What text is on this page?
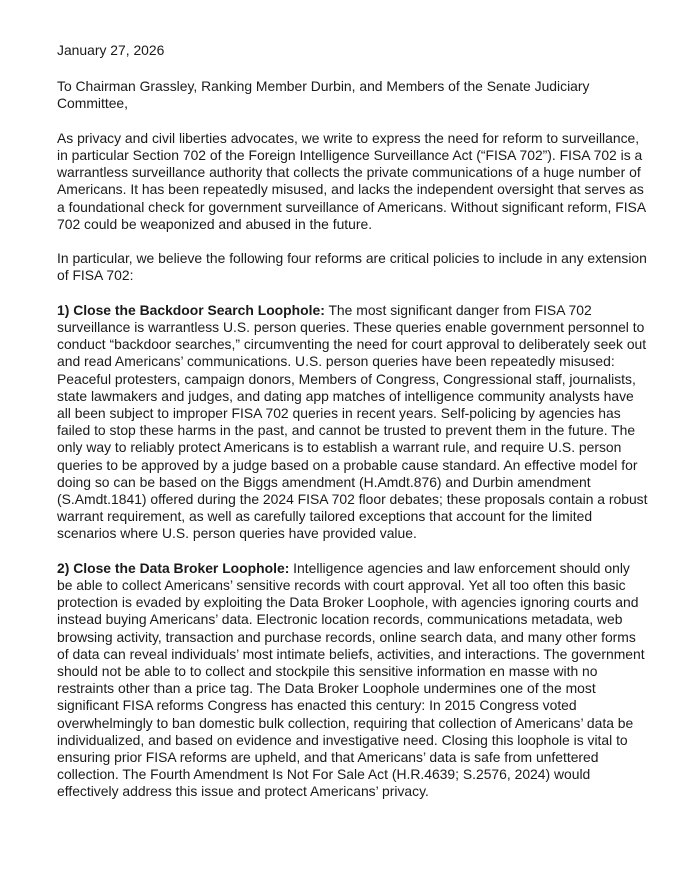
January 27, 2026
To Chairman Grassley, Ranking Member Durbin, and Members of the Senate Judiciary Committee,
As privacy and civil liberties advocates, we write to express the need for reform to surveillance,
in particular Section 702 of the Foreign Intelligence Surveillance Act (“FISA 702”). FISA 702 is a
warrantless surveillance authority that collects the private communications of a huge number of
Americans. It has been repeatedly misused, and lacks the independent oversight that serves as
a foundational check for government surveillance of Americans. Without significant reform, FISA
702 could be weaponized and abused in the future.
In particular, we believe the following four reforms are critical policies to include in any extension
of FISA 702:
1) Close the Backdoor Search Loophole: The most significant danger from FISA 702
surveillance is warrantless U.S. person queries. These queries enable government personnel to
conduct “backdoor searches,” circumventing the need for court approval to deliberately seek out
and read Americans’ communications. U.S. person queries have been repeatedly misused:
Peaceful protesters, campaign donors, Members of Congress, Congressional staff, journalists,
state lawmakers and judges, and dating app matches of intelligence community analysts have
all been subject to improper FISA 702 queries in recent years. Self-policing by agencies has
failed to stop these harms in the past, and cannot be trusted to prevent them in the future. The
only way to reliably protect Americans is to establish a warrant rule, and require U.S. person
queries to be approved by a judge based on a probable cause standard. An effective model for
doing so can be based on the Biggs amendment (H.Amdt.876) and Durbin amendment
(S.Amdt.1841) offered during the 2024 FISA 702 floor debates; these proposals contain a robust
warrant requirement, as well as carefully tailored exceptions that account for the limited
scenarios where U.S. person queries have provided value.
2) Close the Data Broker Loophole: Intelligence agencies and law enforcement should only
be able to collect Americans’ sensitive records with court approval. Yet all too often this basic
protection is evaded by exploiting the Data Broker Loophole, with agencies ignoring courts and
instead buying Americans’ data. Electronic location records, communications metadata, web
browsing activity, transaction and purchase records, online search data, and many other forms
of data can reveal individuals’ most intimate beliefs, activities, and interactions. The government
should not be able to to collect and stockpile this sensitive information en masse with no
restraints other than a price tag. The Data Broker Loophole undermines one of the most
significant FISA reforms Congress has enacted this century: In 2015 Congress voted
overwhelmingly to ban domestic bulk collection, requiring that collection of Americans’ data be
individualized, and based on evidence and investigative need. Closing this loophole is vital to
ensuring prior FISA reforms are upheld, and that Americans’ data is safe from unfettered
collection. The Fourth Amendment Is Not For Sale Act (H.R.4639; S.2576, 2024) would
effectively address this issue and protect Americans’ privacy.
